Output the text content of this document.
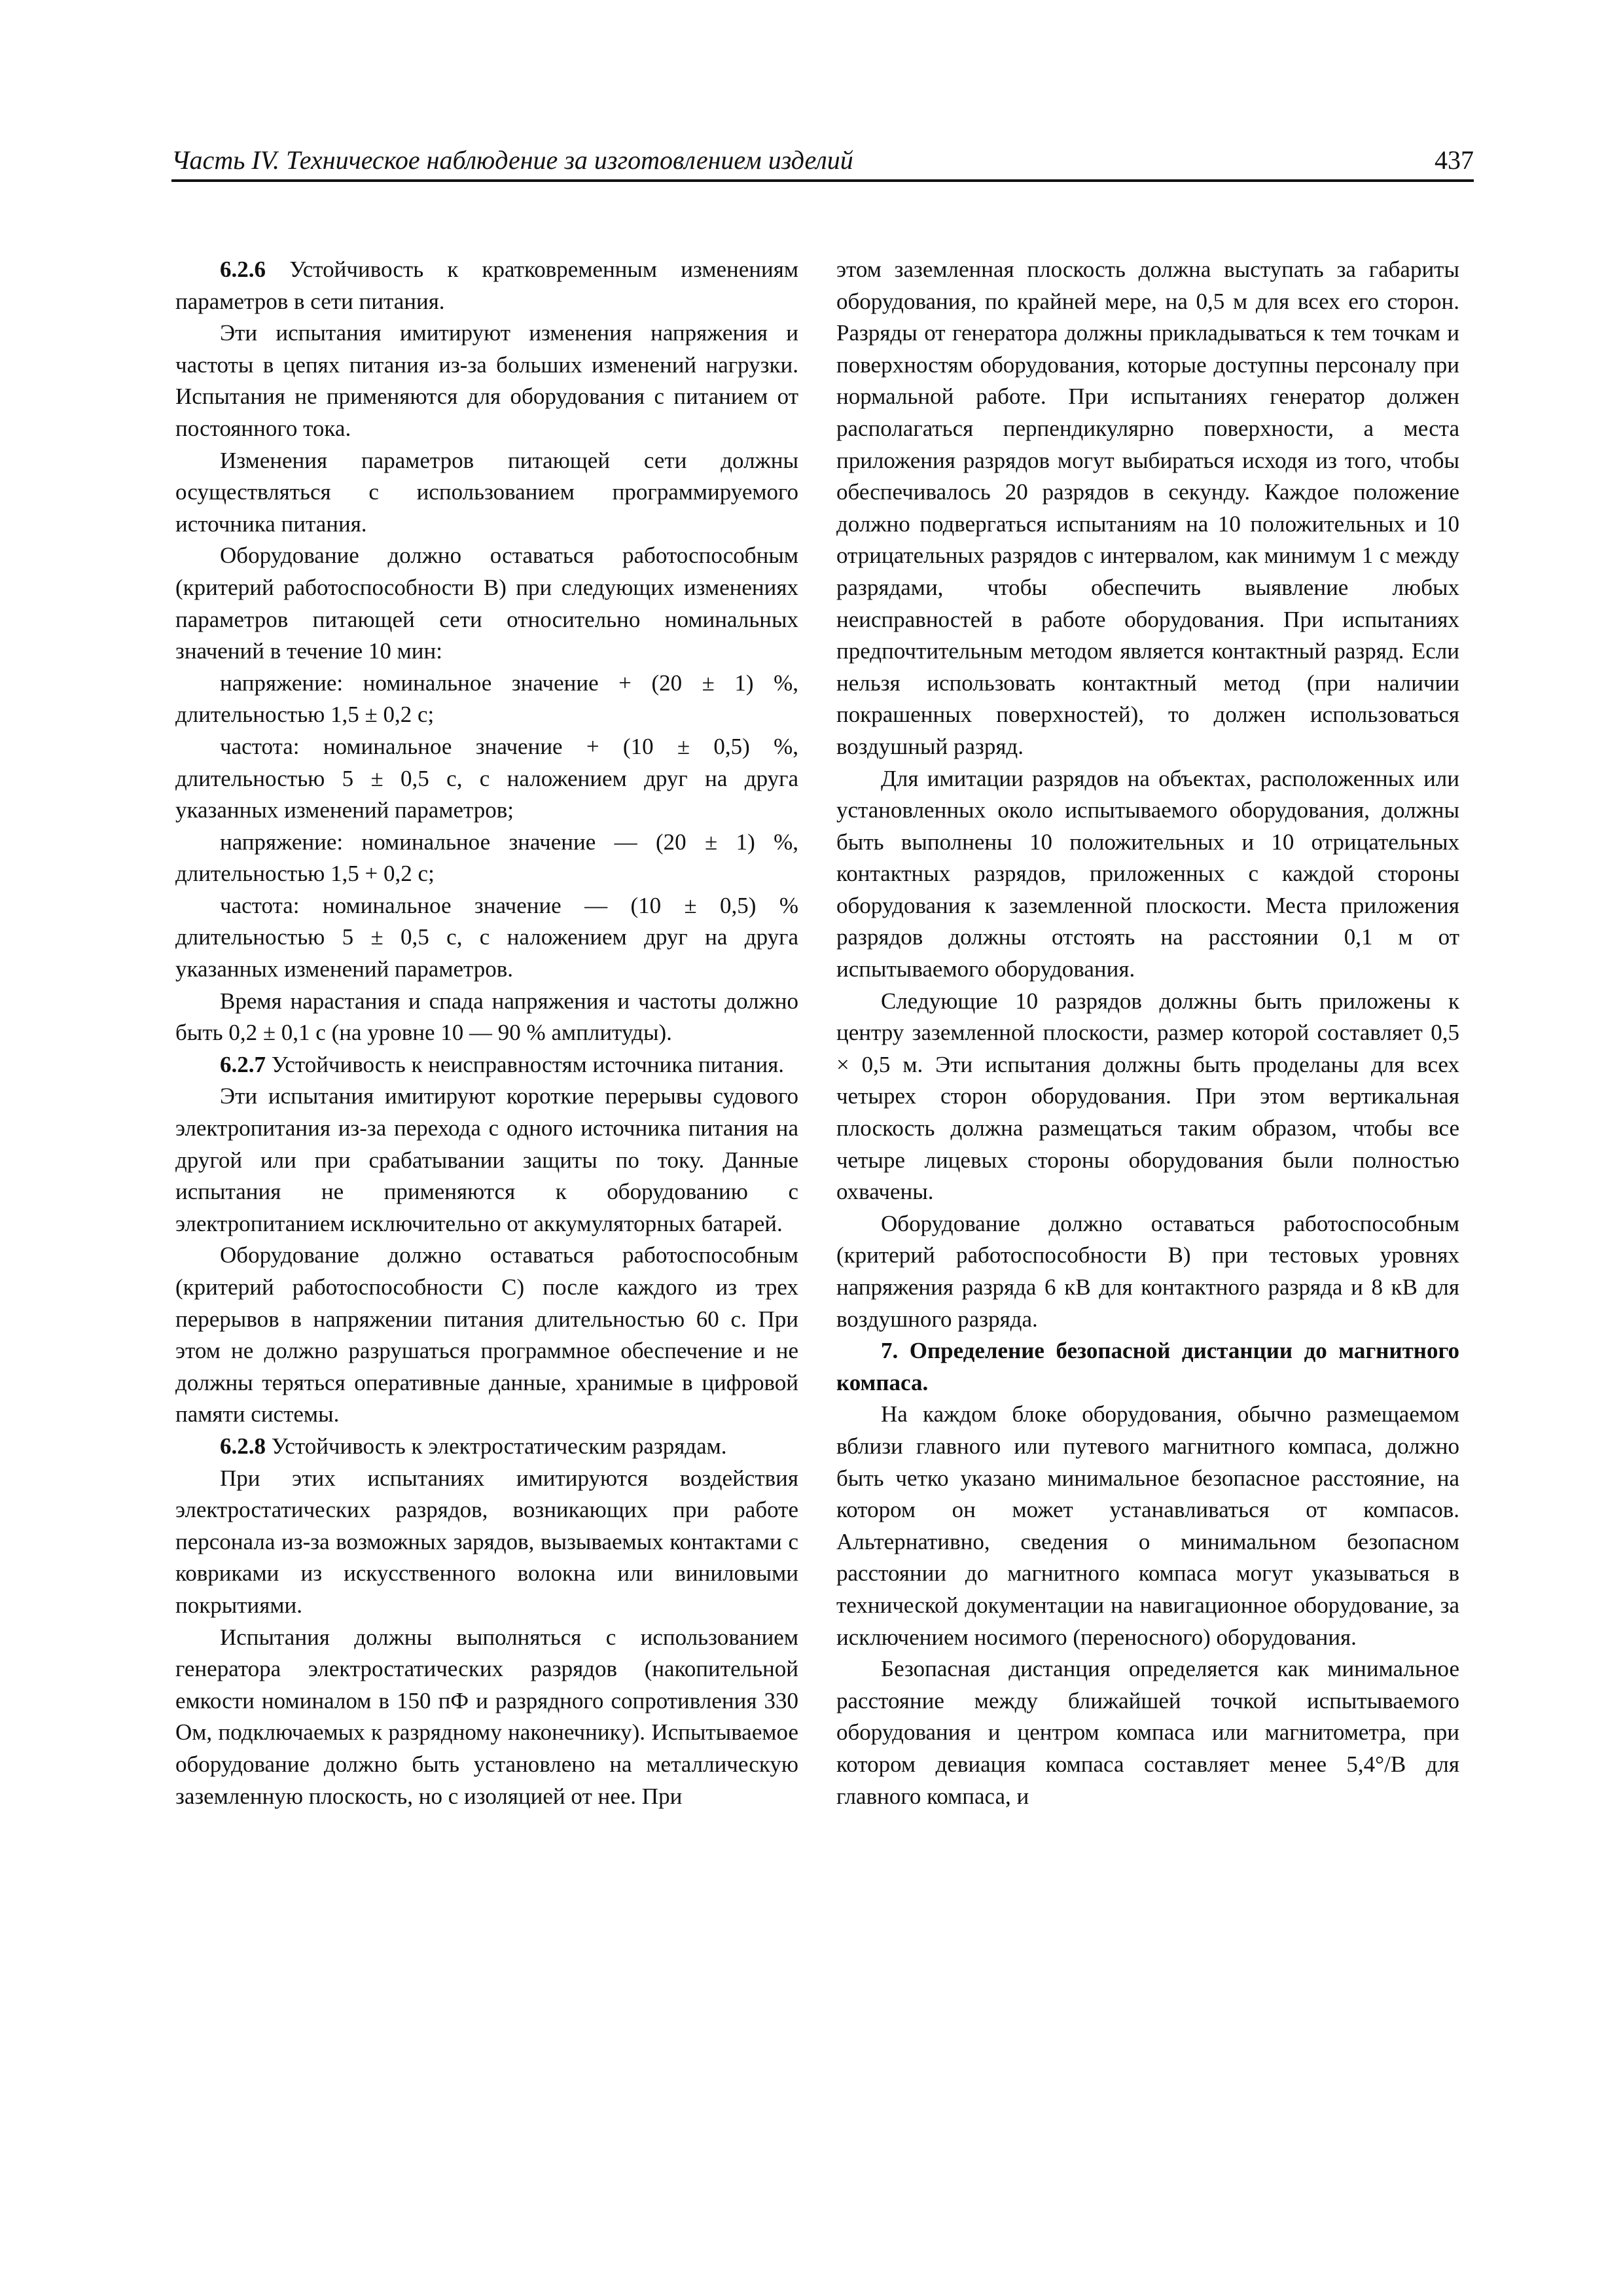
Часть IV. Техническое наблюдение за изготовлением изделий	437

6.2.6 Устойчивость к кратковременным изменениям параметров в сети питания.

Эти испытания имитируют изменения напряжения и частоты в цепях питания из-за больших изменений нагрузки. Испытания не применяются для оборудования с питанием от постоянного тока.

Изменения параметров питающей сети должны осуществляться с использованием программируемого источника питания.

Оборудование должно оставаться работоспособным (критерий работоспособности В) при следующих изменениях параметров питающей сети относительно номинальных значений в течение 10 мин:

напряжение: номинальное значение + (20 ± 1) %, длительностью 1,5 ± 0,2 с;

частота: номинальное значение + (10 ± 0,5) %, длительностью 5 ± 0,5 с, с наложением друг на друга указанных изменений параметров;

напряжение: номинальное значение — (20 ± 1) %, длительностью 1,5 + 0,2 с;

частота: номинальное значение — (10 ± 0,5) % длительностью 5 ± 0,5 с, с наложением друг на друга указанных изменений параметров.

Время нарастания и спада напряжения и частоты должно быть 0,2 ± 0,1 с (на уровне 10 — 90 % амплитуды).

6.2.7 Устойчивость к неисправностям источника питания.

Эти испытания имитируют короткие перерывы судового электропитания из-за перехода с одного источника питания на другой или при срабатывании защиты по току. Данные испытания не применяются к оборудованию с электропитанием исключительно от аккумуляторных батарей.

Оборудование должно оставаться работоспособным (критерий работоспособности С) после каждого из трех перерывов в напряжении питания длительностью 60 с. При этом не должно разрушаться программное обеспечение и не должны теряться оперативные данные, хранимые в цифровой памяти системы.

6.2.8 Устойчивость к электростатическим разрядам.

При этих испытаниях имитируются воздействия электростатических разрядов, возникающих при работе персонала из-за возможных зарядов, вызываемых контактами с ковриками из искусственного волокна или виниловыми покрытиями.

Испытания должны выполняться с использованием генератора электростатических разрядов (накопительной емкости номиналом в 150 пФ и разрядного сопротивления 330 Ом, подключаемых к разрядному наконечнику). Испытываемое оборудование должно быть установлено на металлическую заземленную плоскость, но с изоляцией от нее. При

этом заземленная плоскость должна выступать за габариты оборудования, по крайней мере, на 0,5 м для всех его сторон. Разряды от генератора должны прикладываться к тем точкам и поверхностям оборудования, которые доступны персоналу при нормальной работе. При испытаниях генератор должен располагаться перпендикулярно поверхности, а места приложения разрядов могут выбираться исходя из того, чтобы обеспечивалось 20 разрядов в секунду. Каждое положение должно подвергаться испытаниям на 10 положительных и 10 отрицательных разрядов с интервалом, как минимум 1 с между разрядами, чтобы обеспечить выявление любых неисправностей в работе оборудования. При испытаниях предпочтительным методом является контактный разряд. Если нельзя использовать контактный метод (при наличии покрашенных поверхностей), то должен использоваться воздушный разряд.

Для имитации разрядов на объектах, расположенных или установленных около испытываемого оборудования, должны быть выполнены 10 положительных и 10 отрицательных контактных разрядов, приложенных с каждой стороны оборудования к заземленной плоскости. Места приложения разрядов должны отстоять на расстоянии 0,1 м от испытываемого оборудования.

Следующие 10 разрядов должны быть приложены к центру заземленной плоскости, размер которой составляет 0,5 × 0,5 м. Эти испытания должны быть проделаны для всех четырех сторон оборудования. При этом вертикальная плоскость должна размещаться таким образом, чтобы все четыре лицевых стороны оборудования были полностью охвачены.

Оборудование должно оставаться работоспособным (критерий работоспособности В) при тестовых уровнях напряжения разряда 6 кВ для контактного разряда и 8 кВ для воздушного разряда.

7. Определение безопасной дистанции до магнитного компаса.

На каждом блоке оборудования, обычно размещаемом вблизи главного или путевого магнитного компаса, должно быть четко указано минимальное безопасное расстояние, на котором он может устанавливаться от компасов. Альтернативно, сведения о минимальном безопасном расстоянии до магнитного компаса могут указываться в технической документации на навигационное оборудование, за исключением носимого (переносного) оборудования.

Безопасная дистанция определяется как минимальное расстояние между ближайшей точкой испытываемого оборудования и центром компаса или магнитометра, при котором девиация компаса составляет менее 5,4°/В для главного компаса, и
